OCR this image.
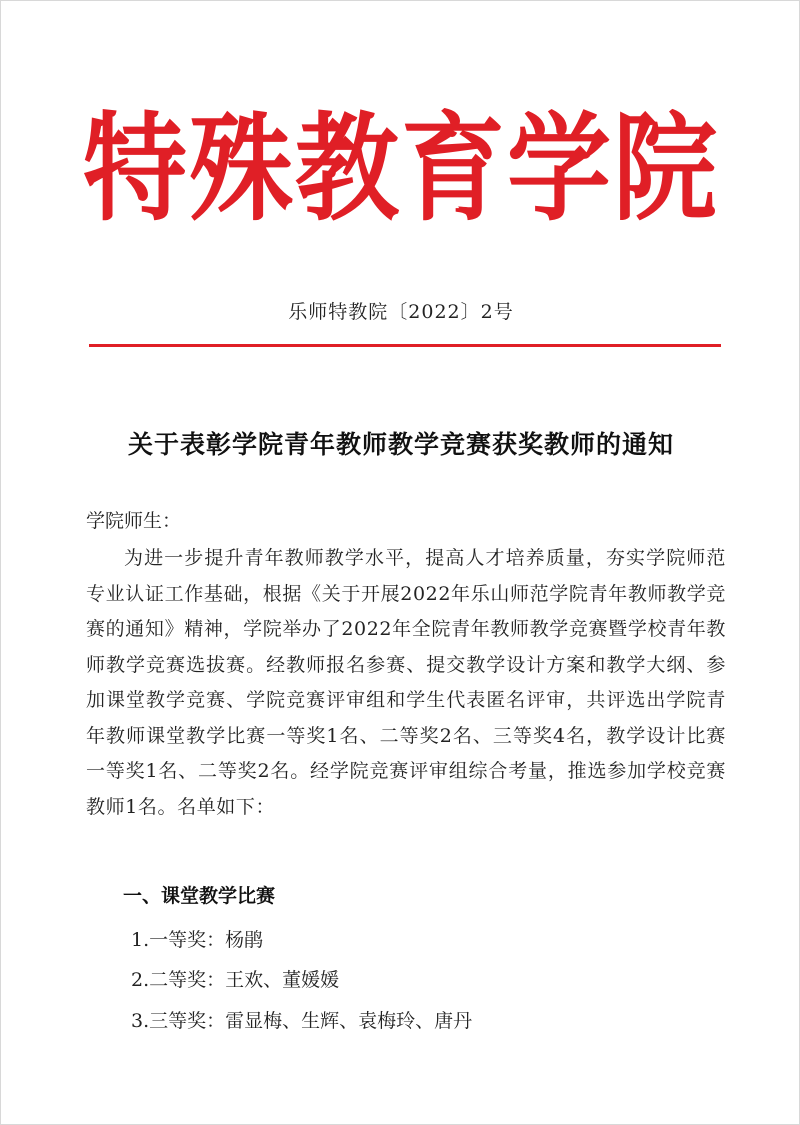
特殊教育学院
乐师特教院〔2022〕2号
关于表彰学院青年教师教学竞赛获奖教师的通知
学院师生：
为进一步提升青年教师教学水平，提高人才培养质量，夯实学院师范专业认证工作基础，根据《关于开展2022年乐山师范学院青年教师教学竞赛的通知》精神，学院举办了2022年全院青年教师教学竞赛暨学校青年教师教学竞赛选拔赛。经教师报名参赛、提交教学设计方案和教学大纲、参加课堂教学竞赛、学院竞赛评审组和学生代表匿名评审，共评选出学院青年教师课堂教学比赛一等奖1名、二等奖2名、三等奖4名，教学设计比赛一等奖1名、二等奖2名。经学院竞赛评审组综合考量，推选参加学校竞赛教师1名。名单如下：
一、课堂教学比赛
1.一等奖：杨鹃
2.二等奖：王欢、董媛媛
3.三等奖：雷显梅、生辉、袁梅玲、唐丹
